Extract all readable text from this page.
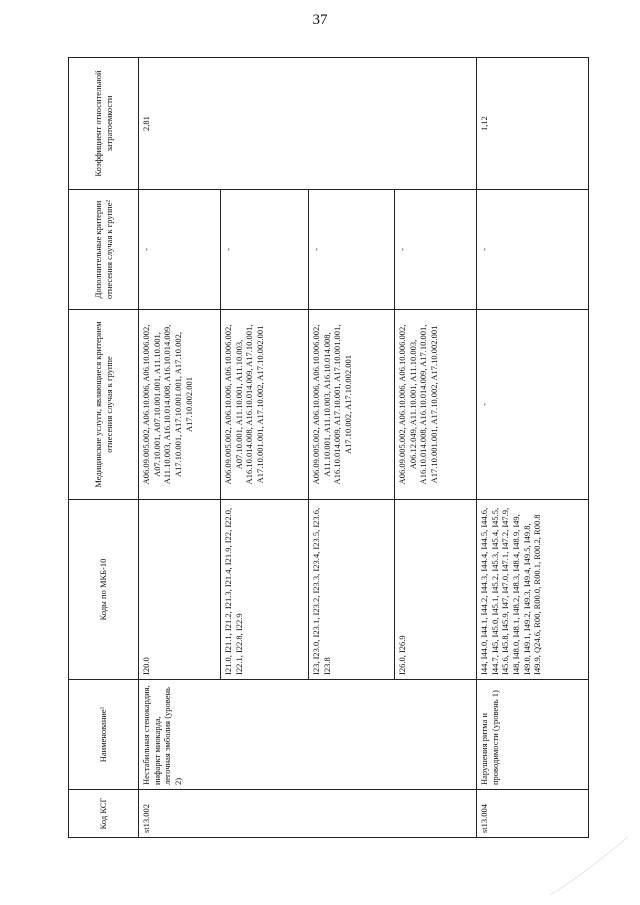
37
Код КСГ	Наименование¹	Коды по МКБ-10	Медицинские услуги, являющиеся критерием отнесения случая к группе	Дополнительные критерии отнесения случая к группе²	Коэффициент относительной затратоемкости
st13.002	Нестабильная стенокардия, инфаркт миокарда, легочная эмболия (уровень 2)	I20.0	A06.09.005.002, A06.10.006, A06.10.006.002, A07.10.001, A07.10.001.001, A11.10.001, A11.10.003, A16.10.014.008, A16.10.014.009, A17.10.001, A17.10.001.001, A17.10.002, A17.10.002.001	-	2,81
		I21.0, I21.1, I21.2, I21.3, I21.4, I21.9, I22, I22.0, I22.1, I22.8, I22.9	A06.09.005.002, A06.10.006, A06.10.006.002, A07.10.001, A11.10.001, A11.10.003, A16.10.014.008, A16.10.014.009, A17.10.001, A17.10.001.001, A17.10.002, A17.10.002.001	-	
		I23, I23.0, I23.1, I23.2, I23.3, I23.4, I23.5, I23.6, I23.8	A06.09.005.002, A06.10.006, A06.10.006.002, A11.10.001, A11.10.003, A16.10.014.008, A16.10.014.009, A17.10.001, A17.10.001.001, A17.10.002, A17.10.002.001	-	
		I26.0, I26.9	A06.09.005.002, A06.10.006, A06.10.006.002, A06.12.049, A11.10.001, A11.10.003, A16.10.014.008, A16.10.014.009, A17.10.001, A17.10.001.001, A17.10.002, A17.10.002.001	-	
st13.004	Нарушения ритма и проводимости (уровень 1)	I44, I44.0, I44.1, I44.2, I44.3, I44.4, I44.5, I44.6, I44.7, I45, I45.0, I45.1, I45.2, I45.3, I45.4, I45.5, I45.6, I45.8, I45.9, I47, I47.0, I47.1, I47.2, I47.9, I48, I48.0, I48.1, I48.2, I48.3, I48.4, I48.9, I49, I49.0, I49.1, I49.2, I49.3, I49.4, I49.5, I49.8, I49.9, Q24.6, R00, R00.0, R00.1, R00.2, R00.8	-	-	1,12
